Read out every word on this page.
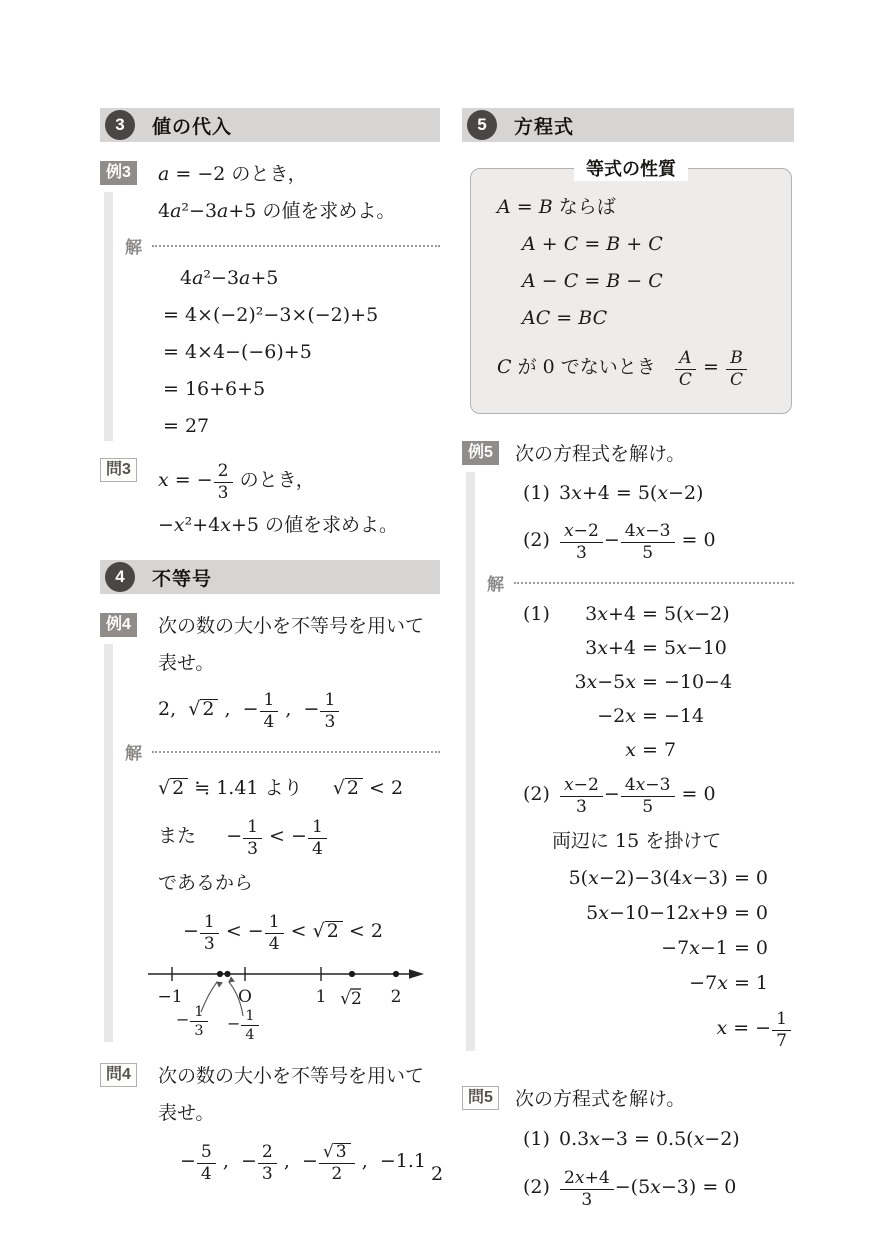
3	値の代入
例3	a = −2 のとき，
4a²−3a+5 の値を求めよ。
解
4a²−3a+5
= 4×(−2)²−3×(−2)+5
= 4×4−(−6)+5
= 16+6+5
= 27
問3	x = − $\frac{2}{3}$ のとき，
−x²+4x+5 の値を求めよ。
4	不等号
例4	次の数の大小を不等号を用いて
表せ。
2,  √ 2 ,  − $\frac{1}{4}$ ,  − $\frac{1}{3}$
解
√ 2 ≒ 1.41 より     √ 2 < 2
また     − $\frac{1}{3}$ < − $\frac{1}{4}$
であるから
− $\frac{1}{3}$ < − $\frac{1}{4}$ < √ 2 < 2
−1	O	1 √2 2
− $\frac{1}{3} - \frac{1}{4}$
問4	次の数の大小を不等号を用いて
表せ。
− $\frac{5}{4}$ ,  − $\frac{2}{3}$ ,  − $\frac{√ 3}{2}$ ,  −1.1
5	方程式
等式の性質
A = B ならば
A + C = B + C
A − C = B − C
AC = BC
C が 0 でないとき $\frac{A}{C} = \frac{B}{C}$
例5	次の方程式を解け。
(1) 3x+4 = 5(x−2)
$(2) \frac{x-2}{3} - \frac{4x-3}{5} = 0$
解
(1)	3x+4 = 5(x−2)
3x+4 = 5x−10
3x−5x = −10−4
−2x = −14
x = 7
$(2) \frac{x-2}{3} - \frac{4x-3}{5} = 0$
両辺に 15 を掛けて
5(x−2)−3(4x−3) = 0
5x−10−12x+9 = 0
−7x−1 = 0
−7x = 1
x = − $\frac{1}{7}$
問5	次の方程式を解け。
(1) 0.3x−3 = 0.5(x−2)
$(2) \frac{2x+4}{3} -(5x-3) = 0$
2
